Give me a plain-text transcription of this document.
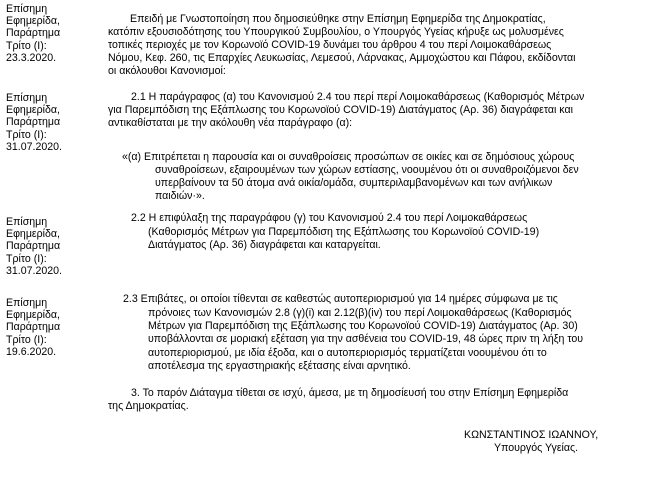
Επίσημη
Εφημερίδα,
Παράρτημα
Τρίτο (Ι):
23.3.2020.
Επίσημη
Εφημερίδα,
Παράρτημα
Τρίτο (Ι):
31.07.2020.
Επίσημη
Εφημερίδα,
Παράρτημα
Τρίτο (Ι):
31.07.2020.
Επίσημη
Εφημερίδα,
Παράρτημα
Τρίτο (Ι):
19.6.2020.
Επειδή με Γνωστοποίηση που δημοσιεύθηκε στην Επίσημη Εφημερίδα της Δημοκρατίας,
κατόπιν εξουσιοδότησης του Υπουργικού Συμβουλίου, ο Υπουργός Υγείας κήρυξε ως μολυσμένες
τοπικές περιοχές με τον Κορωνοϊό COVID-19 δυνάμει του άρθρου 4 του περί Λοιμοκαθάρσεως
Νόμου, Κεφ. 260, τις Επαρχίες Λευκωσίας, Λεμεσού, Λάρνακας, Αμμοχώστου και Πάφου, εκδίδονται
οι ακόλουθοι Κανονισμοί:
2.1 Η παράγραφος (α) του Κανονισμού 2.4 του περί περί Λοιμοκαθάρσεως (Καθορισμός Μέτρων
για Παρεμπόδιση της Εξάπλωσης του Κορωνοϊού COVID-19) Διατάγματος (Αρ. 36) διαγράφεται και
αντικαθίσταται με την ακόλουθη νέα παράγραφο (α):
«(α) Επιτρέπεται η παρουσία και οι συναθροίσεις προσώπων σε οικίες και σε δημόσιους χώρους
συναθροίσεων, εξαιρουμένων των χώρων εστίασης, νοουμένου ότι οι συναθροιζόμενοι δεν
υπερβαίνουν τα 50 άτομα ανά οικία/ομάδα, συμπεριλαμβανομένων και των ανήλικων
παιδιών·».
2.2 Η επιφύλαξη της παραγράφου (γ) του Κανονισμού 2.4 του περί Λοιμοκαθάρσεως
(Καθορισμός Μέτρων για Παρεμπόδιση της Εξάπλωσης του Κορωνοϊού COVID-19)
Διατάγματος (Αρ. 36) διαγράφεται και καταργείται.
2.3 Επιβάτες, οι οποίοι τίθενται σε καθεστώς αυτοπεριορισμού για 14 ημέρες σύμφωνα με τις
πρόνοιες των Κανονισμών 2.8 (γ)(i) και 2.12(β)(iv) του περί Λοιμοκαθάρσεως (Καθορισμός
Μέτρων για Παρεμπόδιση της Εξάπλωσης του Κορωνοϊού COVID-19) Διατάγματος (Αρ. 30)
υποβάλλονται σε μοριακή εξέταση για την ασθένεια του COVID-19, 48 ώρες πριν τη λήξη του
αυτοπεριορισμού, με ιδία έξοδα, και ο αυτοπεριορισμός τερματίζεται νοουμένου ότι το
αποτέλεσμα της εργαστηριακής εξέτασης είναι αρνητικό.
3. Το παρόν Διάταγμα τίθεται σε ισχύ, άμεσα, με τη δημοσίευσή του στην Επίσημη Εφημερίδα
της Δημοκρατίας.
ΚΩΝΣΤΑΝΤΙΝΟΣ ΙΩΑΝΝΟΥ,
Υπουργός Υγείας.
